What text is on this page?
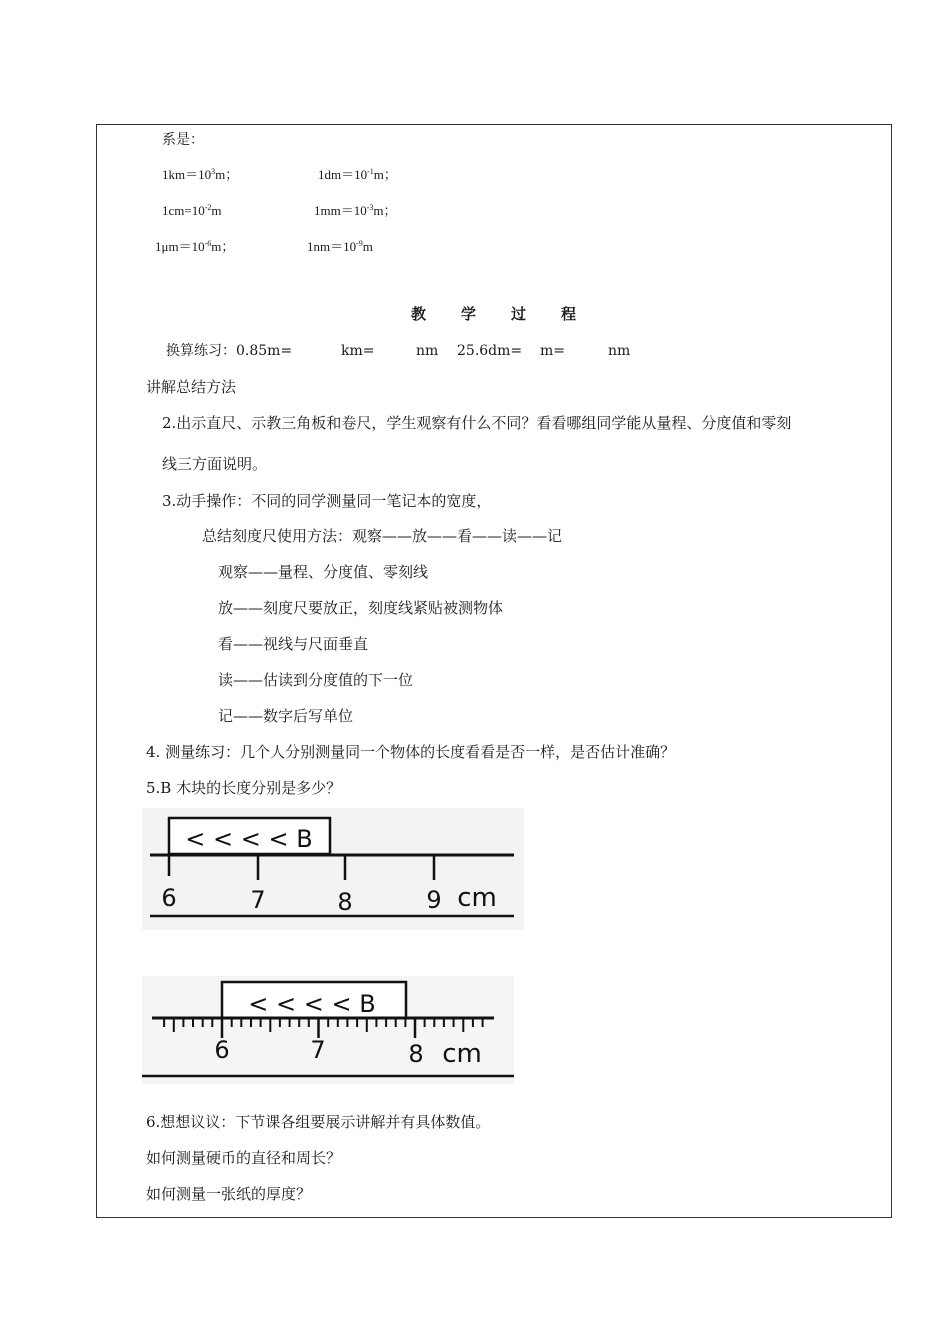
系是：
$1km=10^3m$；	$1dm=10^{-1}m$；
$1cm=10^{-2}m$	$1mm=10^{-3}m$；
$1\mu m=10^{-6}m$；	$1nm=10^{-9}m$
教 学 过 程
换算练习：0.85m=	km=	nm 25.6dm= m=	nm
讲解总结方法
2.出示直尺、示教三角板和卷尺，学生观察有什么不同？看看哪组同学能从量程、分度值和零刻
线三方面说明。
3.动手操作：不同的同学测量同一笔记本的宽度，
总结刻度尺使用方法：观察——放——看——读——记
观察——量程、分度值、零刻线
放——刻度尺要放正，刻度线紧贴被测物体
看——视线与尺面垂直
读——估读到分度值的下一位
记——数字后写单位
4. 测量练习：几个人分别测量同一个物体的长度看看是否一样，是否估计准确？
5.B 木块的长度分别是多少？
< < < < B
6	7	8	9 cm
< < < < B
6	7	8 cm
6.想想议议：下节课各组要展示讲解并有具体数值。
如何测量硬币的直径和周长？
如何测量一张纸的厚度？
